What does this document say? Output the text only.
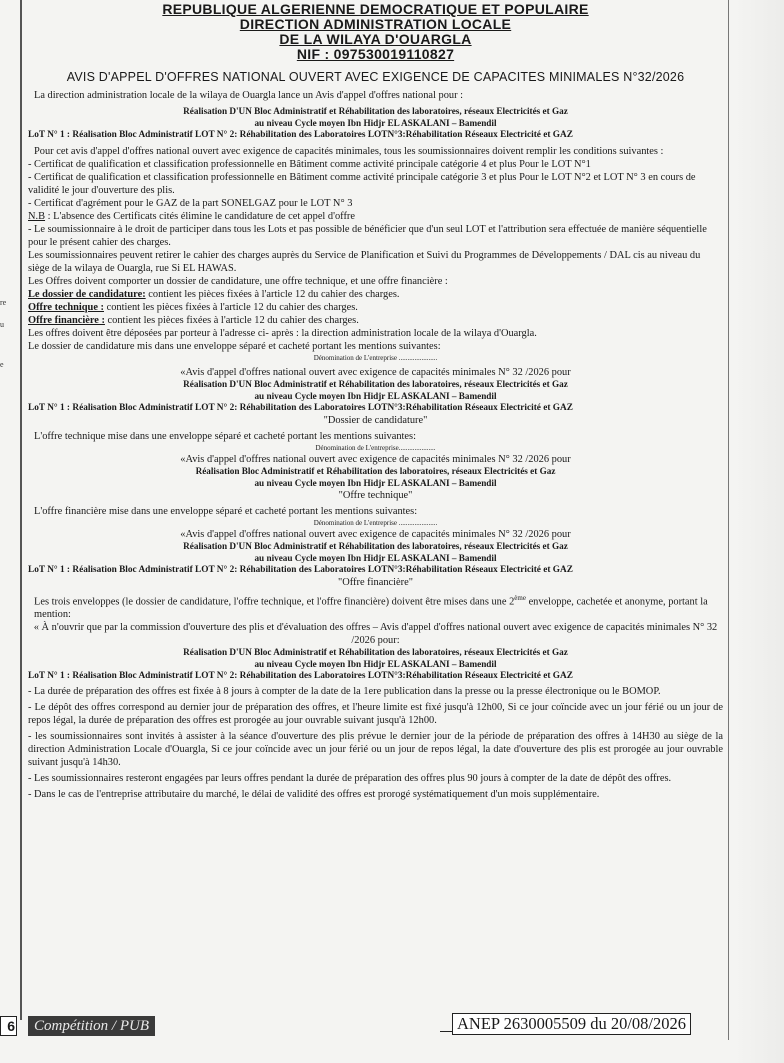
re
u
e
REPUBLIQUE ALGERIENNE DEMOCRATIQUE ET POPULAIRE
DIRECTION ADMINISTRATION LOCALE
DE LA WILAYA D'OUARGLA
NIF : 097530019110827
AVIS D'APPEL D'OFFRES NATIONAL OUVERT AVEC EXIGENCE DE CAPACITES MINIMALES N°32/2026

La direction administration locale de la wilaya de Ouargla lance un Avis d'appel d'offres national pour :

Réalisation D'UN Bloc Administratif et Réhabilitation des laboratoires, réseaux Electricités et Gaz

au niveau Cycle moyen Ibn Hidjr EL ASKALANI – Bamendil

LoT N° 1 : Réalisation Bloc Administratif LOT N° 2: Réhabilitation des Laboratoires LOTN°3:Réhabilitation Réseaux Electricité et GAZ

Pour cet avis d'appel d'offres national ouvert avec exigence de capacités minimales, tous les soumissionnaires doivent remplir les conditions suivantes :

- Certificat de qualification et classification professionnelle en Bâtiment comme activité principale catégorie 4 et plus Pour le LOT N°1

- Certificat de qualification et classification professionnelle en Bâtiment comme activité principale catégorie 3 et plus Pour le LOT N°2 et LOT N° 3 en cours de validité le jour d'ouverture des plis.

- Certificat d'agrément pour le GAZ de la part SONELGAZ pour le LOT N° 3

N.B : L'absence des Certificats cités élimine le candidature de cet appel d'offre

- Le soumissionnaire à le droit de participer dans tous les Lots et pas possible de bénéficier que d'un seul LOT et l'attribution sera effectuée de manière séquentielle pour le présent cahier des charges.

Les soumissionnaires peuvent retirer le cahier des charges auprès du Service de Planification et Suivi du Programmes de Développements / DAL cis au niveau du siège de la wilaya de Ouargla, rue Si EL HAWAS.

Les Offres doivent comporter un dossier de candidature, une offre technique, et une offre financière :

Le dossier de candidature: contient les pièces fixées à l'article 12 du cahier des charges.

Offre technique : contient les pièces fixées à l'article 12 du cahier des charges.

Offre financière : contient les pièces fixées à l'article 12 du cahier des charges.

Les offres doivent être déposées par porteur à l'adresse ci- après : la direction administration locale de la wilaya d'Ouargla.

Le dossier de candidature mis dans une enveloppe séparé et cacheté portant les mentions suivantes:

Dénomination de L'entreprise ......................

«Avis d'appel d'offres national ouvert avec exigence de capacités minimales N° 32 /2026 pour

Réalisation D'UN Bloc Administratif et Réhabilitation des laboratoires, réseaux Electricités et Gaz

au niveau Cycle moyen Ibn Hidjr EL ASKALANI – Bamendil

LoT N° 1 : Réalisation Bloc Administratif LOT N° 2: Réhabilitation des Laboratoires LOTN°3:Réhabilitation Réseaux Electricité et GAZ

"Dossier de candidature"

L'offre technique mise dans une enveloppe séparé et cacheté portant les mentions suivantes:

Dénomination de L'entreprise.....................

«Avis d'appel d'offres national ouvert avec exigence de capacités minimales N° 32 /2026 pour

Réalisation Bloc Administratif et Réhabilitation des laboratoires, réseaux Electricités et Gaz

au niveau Cycle moyen Ibn Hidjr EL ASKALANI – Bamendil

"Offre technique"

L'offre financière mise dans une enveloppe séparé et cacheté portant les mentions suivantes:

Dénomination de L'entreprise ......................

«Avis d'appel d'offres national ouvert avec exigence de capacités minimales N° 32 /2026 pour

Réalisation D'UN Bloc Administratif et Réhabilitation des laboratoires, réseaux Electricités et Gaz

au niveau Cycle moyen Ibn Hidjr EL ASKALANI – Bamendil

LoT N° 1 : Réalisation Bloc Administratif LOT N° 2: Réhabilitation des Laboratoires LOTN°3:Réhabilitation Réseaux Electricité et GAZ

"Offre financière"

Les trois enveloppes (le dossier de candidature, l'offre technique, et l'offre financière) doivent être mises dans une 2ème enveloppe, cachetée et anonyme, portant la mention:

« À n'ouvrir que par la commission d'ouverture des plis et d'évaluation des offres – Avis d'appel d'offres national ouvert avec exigence de capacités minimales N° 32 /2026 pour:

Réalisation D'UN Bloc Administratif et Réhabilitation des laboratoires, réseaux Electricités et Gaz

au niveau Cycle moyen Ibn Hidjr EL ASKALANI – Bamendil

LoT N° 1 : Réalisation Bloc Administratif LOT N° 2: Réhabilitation des Laboratoires LOTN°3:Réhabilitation Réseaux Electricité et GAZ

- La durée de préparation des offres est fixée à 8 jours à compter de la date de la 1ere publication dans la presse ou la presse électronique ou le BOMOP.

- Le dépôt des offres correspond au dernier jour de préparation des offres, et l'heure limite est fixé jusqu'à 12h00, Si ce jour coïncide avec un jour férié ou un jour de repos légal, la durée de préparation des offres est prorogée au jour ouvrable suivant jusqu'à 12h00.

- les soumissionnaires sont invités à assister à la séance d'ouverture des plis prévue le dernier jour de la période de préparation des offres à 14H30 au siège de la direction Administration Locale d'Ouargla, Si ce jour coïncide avec un jour férié ou un jour de repos légal, la date d'ouverture des plis est prorogée au jour ouvrable suivant jusqu'à 14h30.

- Les soumissionnaires resteront engagées par leurs offres pendant la durée de préparation des offres plus 90 jours à compter de la date de dépôt des offres.

- Dans le cas de l'entreprise attributaire du marché, le délai de validité des offres est prorogé systématiquement d'un mois supplémentaire.

6	Compétition / PUB	ANEP 2630005509 du 20/08/2026
